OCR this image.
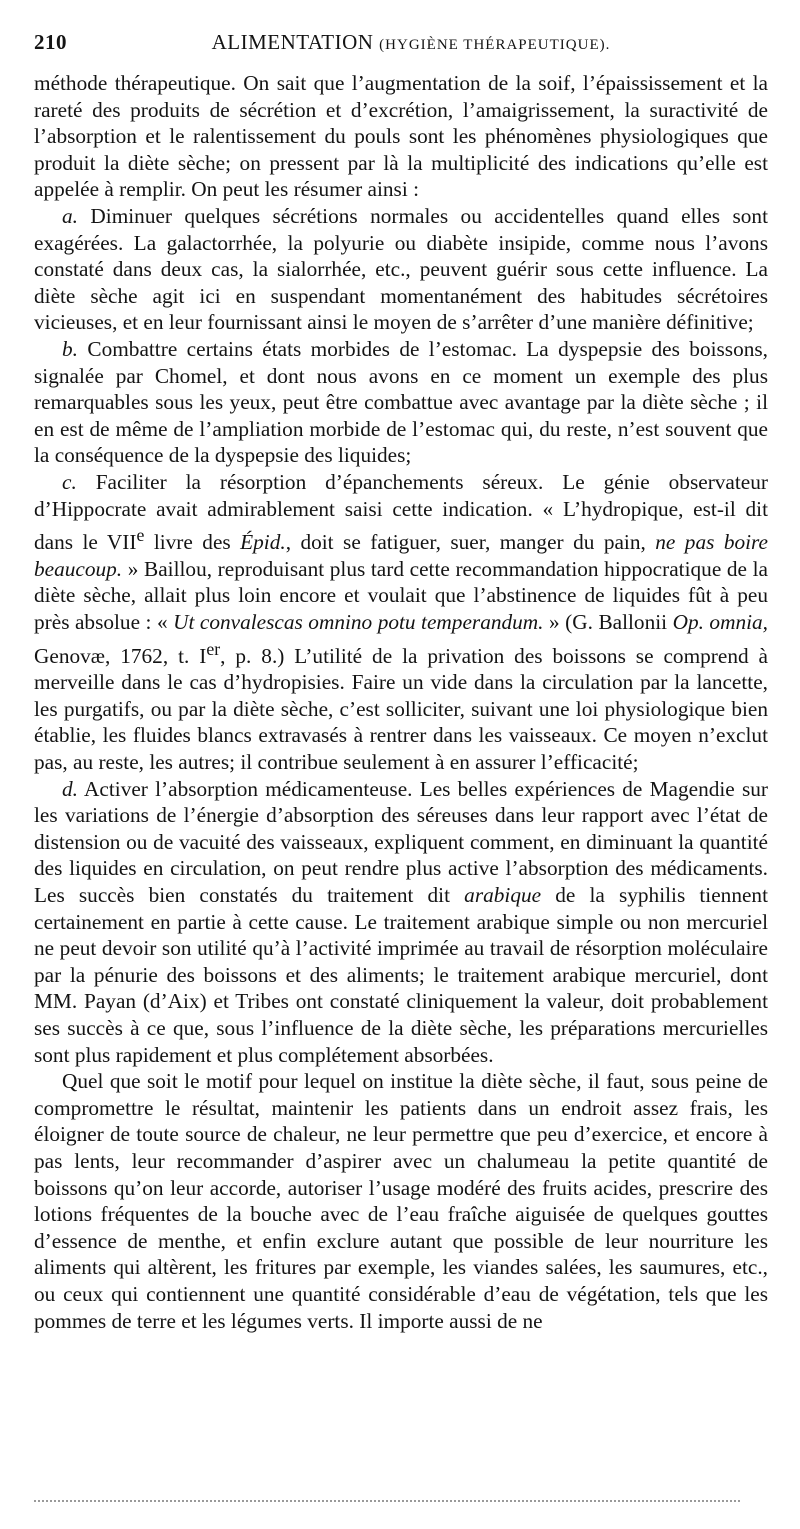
210	ALIMENTATION (HYGIÈNE THÉRAPEUTIQUE).

méthode thérapeutique. On sait que l’augmentation de la soif, l’épaississement et la rareté des produits de sécrétion et d’excrétion, l’amaigrissement, la suractivité de l’absorption et le ralentissement du pouls sont les phénomènes physiologiques que produit la diète sèche; on pressent par là la multiplicité des indications qu’elle est appelée à remplir. On peut les résumer ainsi :

a. Diminuer quelques sécrétions normales ou accidentelles quand elles sont exagérées. La galactorrhée, la polyurie ou diabète insipide, comme nous l’avons constaté dans deux cas, la sialorrhée, etc., peuvent guérir sous cette influence. La diète sèche agit ici en suspendant momentanément des habitudes sécrétoires vicieuses, et en leur fournissant ainsi le moyen de s’arrêter d’une manière définitive;

b. Combattre certains états morbides de l’estomac. La dyspepsie des boissons, signalée par Chomel, et dont nous avons en ce moment un exemple des plus remarquables sous les yeux, peut être combattue avec avantage par la diète sèche ; il en est de même de l’ampliation morbide de l’estomac qui, du reste, n’est souvent que la conséquence de la dyspepsie des liquides;

c. Faciliter la résorption d’épanchements séreux. Le génie observateur d’Hippocrate avait admirablement saisi cette indication. « L’hydropique, est-il dit dans le VIIe livre des Épid., doit se fatiguer, suer, manger du pain, ne pas boire beaucoup. » Baillou, reproduisant plus tard cette recommandation hippocratique de la diète sèche, allait plus loin encore et voulait que l’abstinence de liquides fût à peu près absolue : « Ut convalescas omnino potu temperandum. » (G. Ballonii Op. omnia, Genovæ, 1762, t. Ier, p. 8.) L’utilité de la privation des boissons se comprend à merveille dans le cas d’hydropisies. Faire un vide dans la circulation par la lancette, les purgatifs, ou par la diète sèche, c’est solliciter, suivant une loi physiologique bien établie, les fluides blancs extravasés à rentrer dans les vaisseaux. Ce moyen n’exclut pas, au reste, les autres; il contribue seulement à en assurer l’efficacité;

d. Activer l’absorption médicamenteuse. Les belles expériences de Magendie sur les variations de l’énergie d’absorption des séreuses dans leur rapport avec l’état de distension ou de vacuité des vaisseaux, expliquent comment, en diminuant la quantité des liquides en circulation, on peut rendre plus active l’absorption des médicaments. Les succès bien constatés du traitement dit arabique de la syphilis tiennent certainement en partie à cette cause. Le traitement arabique simple ou non mercuriel ne peut devoir son utilité qu’à l’activité imprimée au travail de résorption moléculaire par la pénurie des boissons et des aliments; le traitement arabique mercuriel, dont MM. Payan (d’Aix) et Tribes ont constaté cliniquement la valeur, doit probablement ses succès à ce que, sous l’influence de la diète sèche, les préparations mercurielles sont plus rapidement et plus complétement absorbées.

Quel que soit le motif pour lequel on institue la diète sèche, il faut, sous peine de compromettre le résultat, maintenir les patients dans un endroit assez frais, les éloigner de toute source de chaleur, ne leur permettre que peu d’exercice, et encore à pas lents, leur recommander d’aspirer avec un chalumeau la petite quantité de boissons qu’on leur accorde, autoriser l’usage modéré des fruits acides, prescrire des lotions fréquentes de la bouche avec de l’eau fraîche aiguisée de quelques gouttes d’essence de menthe, et enfin exclure autant que possible de leur nourriture les aliments qui altèrent, les fritures par exemple, les viandes salées, les saumures, etc., ou ceux qui contiennent une quantité considérable d’eau de végétation, tels que les pommes de terre et les légumes verts. Il importe aussi de ne
